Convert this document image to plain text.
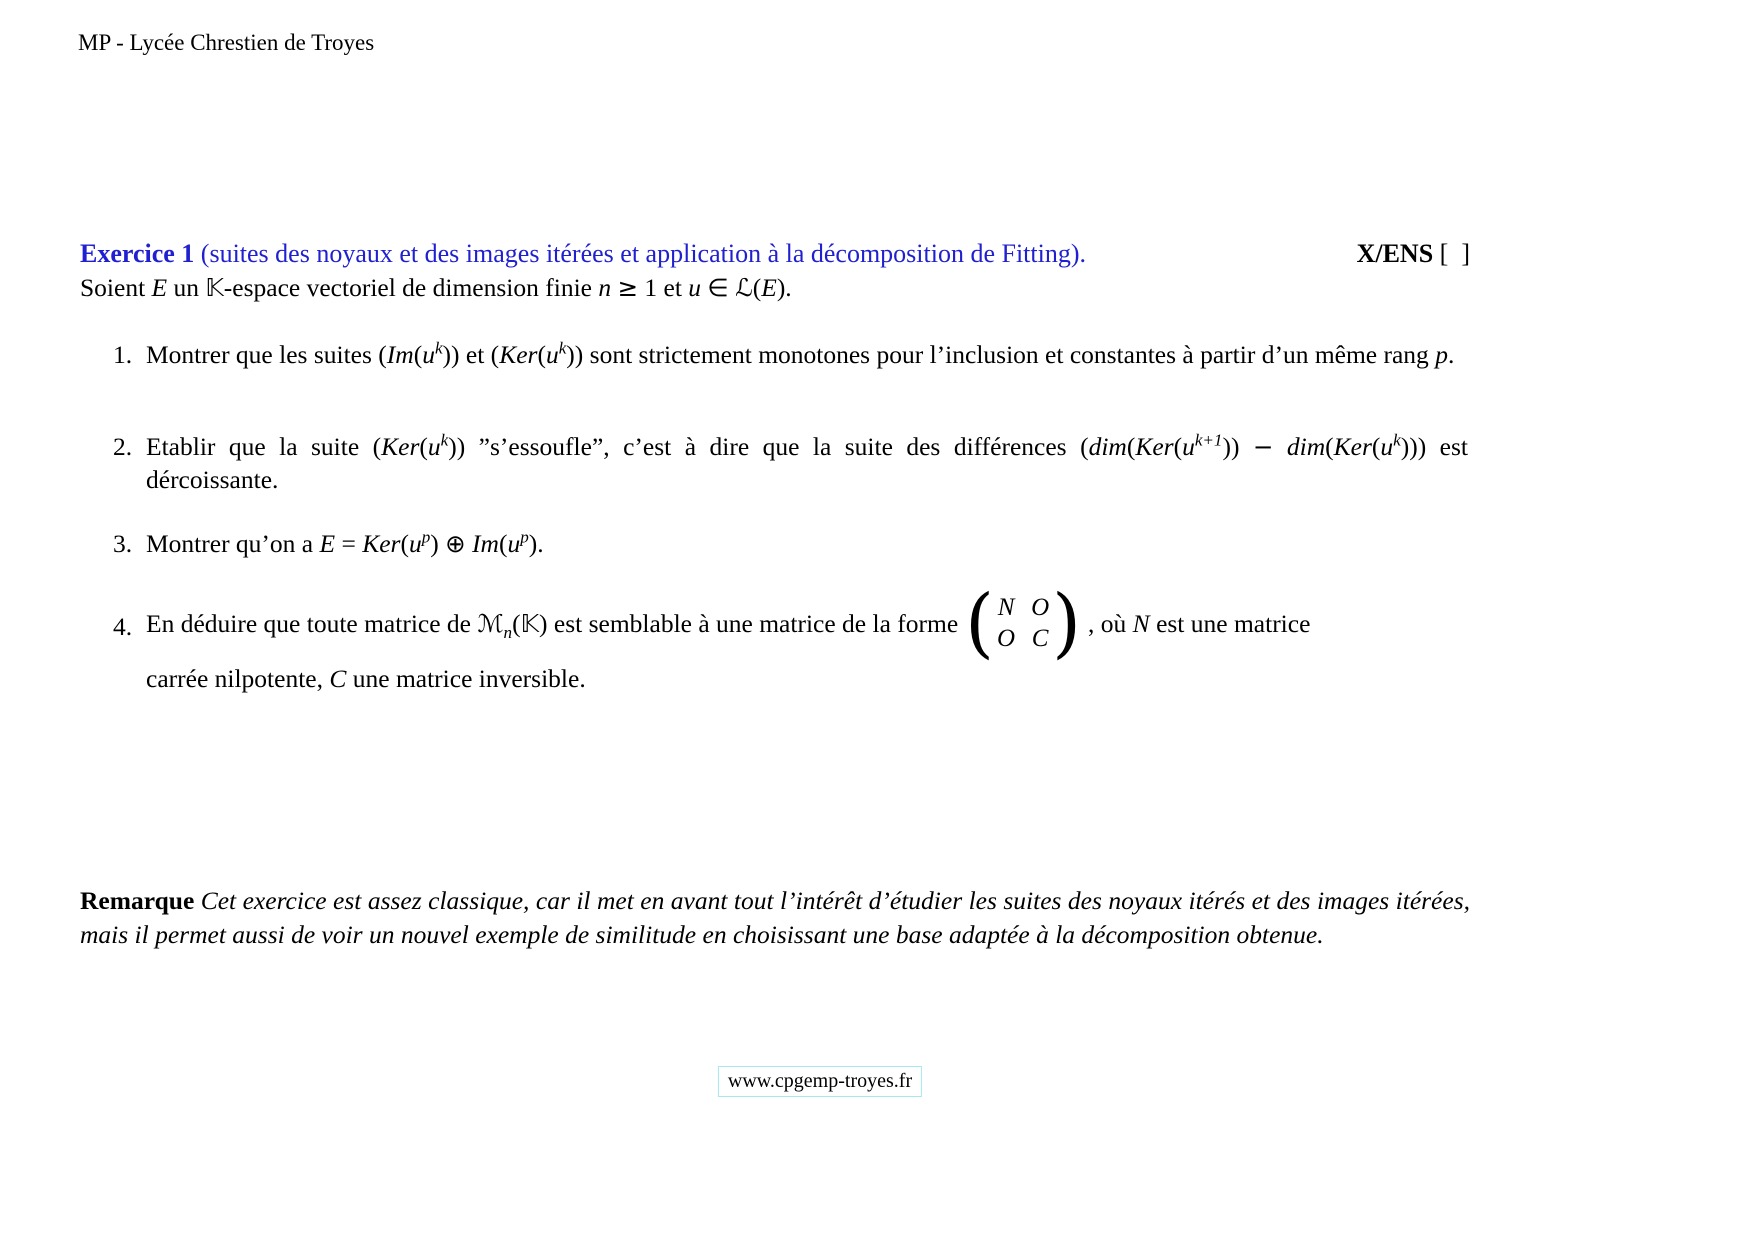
MP - Lycée Chrestien de Troyes
Exercice 1 (suites des noyaux et des images itérées et application à la décomposition de Fitting).	X/ENS [  ]
Soient E un 𝕂-espace vectoriel de dimension finie n ≥ 1 et u ∈ ℒ(E).
1. Montrer que les suites $(Im(u^k))$ et $(Ker(u^k))$ sont strictement monotones pour l’inclusion et constantes à partir d’un même rang p.
2. Etablir que la suite $(Ker(u^k))$ ”s’essoufle”, c’est à dire que la suite des différences $(dim(Ker(u^{k+1})) - dim(Ker(u^k)))$ est dércoissante.
3. Montrer qu’on a $E = Ker(u^p)$ ⊕ $Im(u^p)$.
4. En déduire que toute matrice de ℳ$_n$(𝕂) est semblable à une matrice de la forme ( N O
O C ) , où N est une matrice
carrée nilpotente, C une matrice inversible.
Remarque Cet exercice est assez classique, car il met en avant tout l’intérêt d’étudier les suites des noyaux itérés et des images itérées, mais il permet aussi de voir un nouvel exemple de similitude en choisissant une base adaptée à la décomposition obtenue.
www.cpgemp-troyes.fr
